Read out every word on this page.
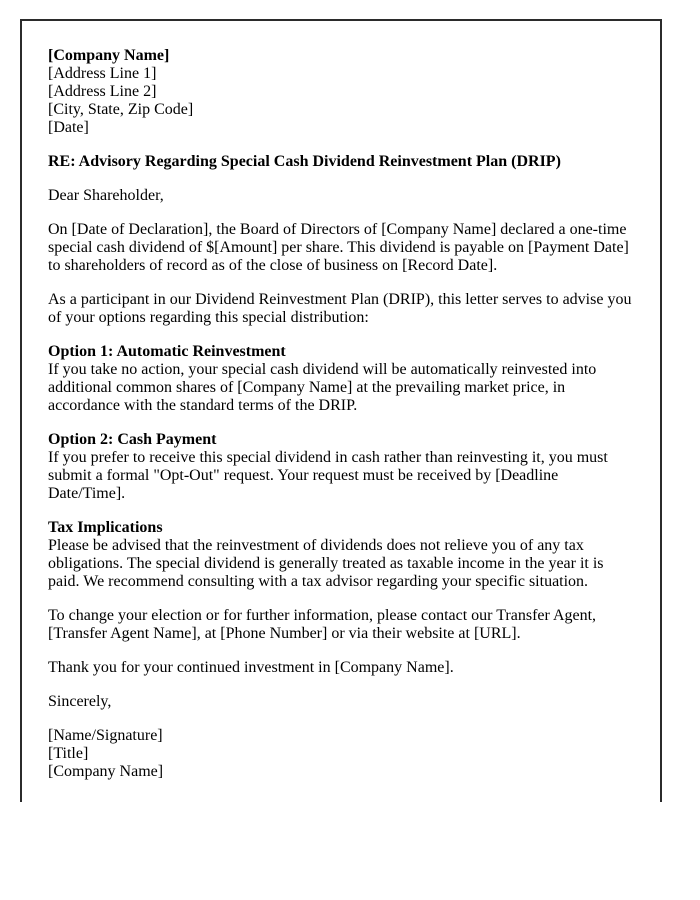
[Company Name]
[Address Line 1]
[Address Line 2]
[City, State, Zip Code]
[Date]

RE: Advisory Regarding Special Cash Dividend Reinvestment Plan (DRIP)

Dear Shareholder,

On [Date of Declaration], the Board of Directors of [Company Name] declared a one-time special cash dividend of $[Amount] per share. This dividend is payable on [Payment Date] to shareholders of record as of the close of business on [Record Date].

As a participant in our Dividend Reinvestment Plan (DRIP), this letter serves to advise you of your options regarding this special distribution:

Option 1: Automatic Reinvestment
If you take no action, your special cash dividend will be automatically reinvested into additional common shares of [Company Name] at the prevailing market price, in accordance with the standard terms of the DRIP.

Option 2: Cash Payment
If you prefer to receive this special dividend in cash rather than reinvesting it, you must submit a formal "Opt-Out" request. Your request must be received by [Deadline Date/Time].

Tax Implications
Please be advised that the reinvestment of dividends does not relieve you of any tax obligations. The special dividend is generally treated as taxable income in the year it is paid. We recommend consulting with a tax advisor regarding your specific situation.

To change your election or for further information, please contact our Transfer Agent, [Transfer Agent Name], at [Phone Number] or via their website at [URL].

Thank you for your continued investment in [Company Name].

Sincerely,

[Name/Signature]
[Title]
[Company Name]
